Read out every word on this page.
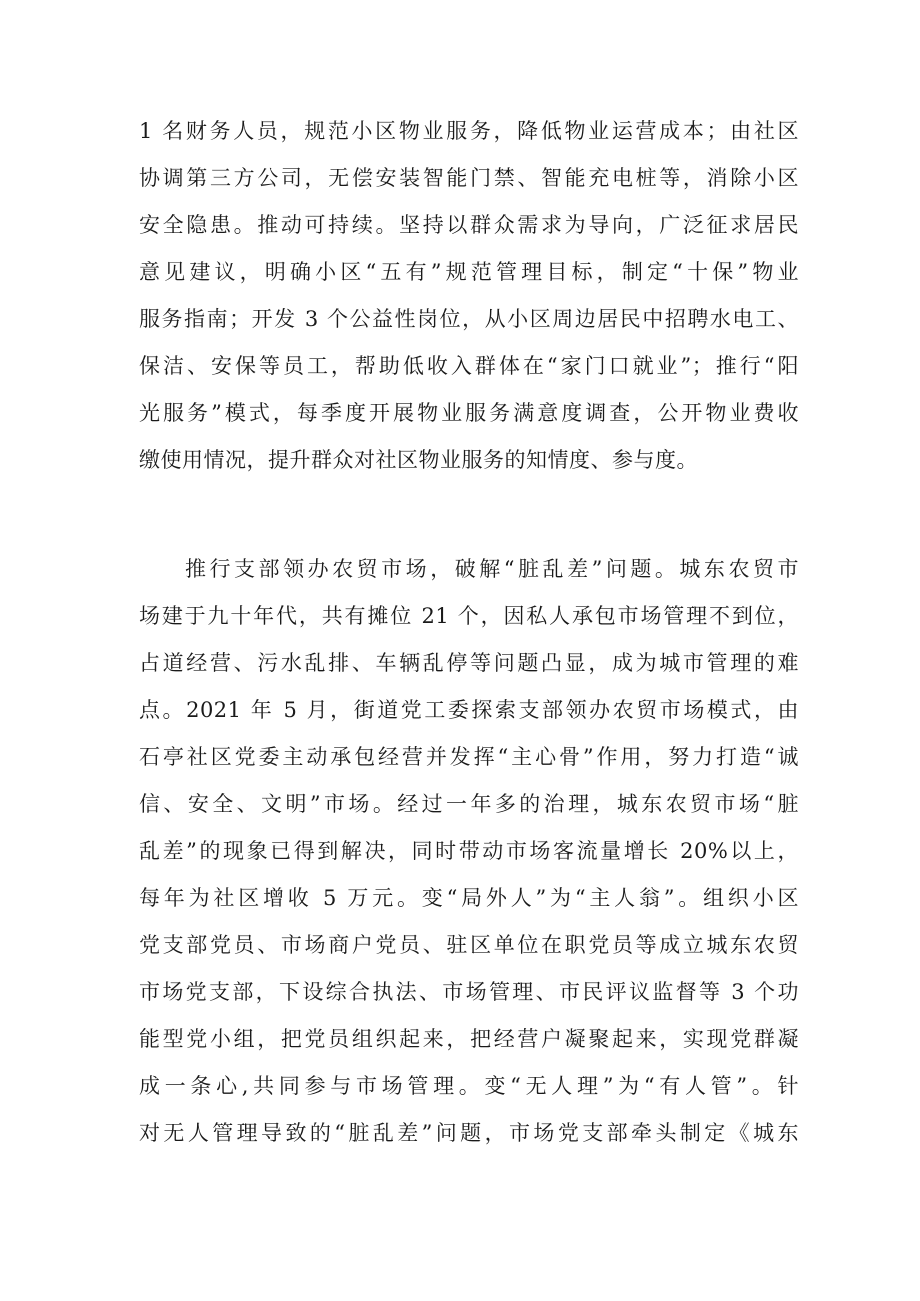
1 名财务人员，规范小区物业服务，降低物业运营成本；由社区
协调第三方公司，无偿安装智能门禁、智能充电桩等，消除小区
安全隐患。推动可持续。坚持以群众需求为导向，广泛征求居民
意见建议，明确小区“五有”规范管理目标，制定“十保”物业
服务指南；开发 3 个公益性岗位，从小区周边居民中招聘水电工、
保洁、安保等员工，帮助低收入群体在“家门口就业”；推行“阳
光服务”模式，每季度开展物业服务满意度调查，公开物业费收
缴使用情况，提升群众对社区物业服务的知情度、参与度。
推行支部领办农贸市场，破解“脏乱差”问题。城东农贸市
场建于九十年代，共有摊位 21 个，因私人承包市场管理不到位，
占道经营、污水乱排、车辆乱停等问题凸显，成为城市管理的难
点。2021 年 5 月，街道党工委探索支部领办农贸市场模式，由
石亭社区党委主动承包经营并发挥“主心骨”作用，努力打造“诚
信、安全、文明”市场。经过一年多的治理，城东农贸市场“脏
乱差”的现象已得到解决，同时带动市场客流量增长 20%以上，
每年为社区增收 5 万元。变“局外人”为“主人翁”。组织小区
党支部党员、市场商户党员、驻区单位在职党员等成立城东农贸
市场党支部，下设综合执法、市场管理、市民评议监督等 3 个功
能型党小组，把党员组织起来，把经营户凝聚起来，实现党群凝
成一条心,共同参与市场管理。变“无人理”为“有人管”。针
对无人管理导致的“脏乱差”问题，市场党支部牵头制定《城东
